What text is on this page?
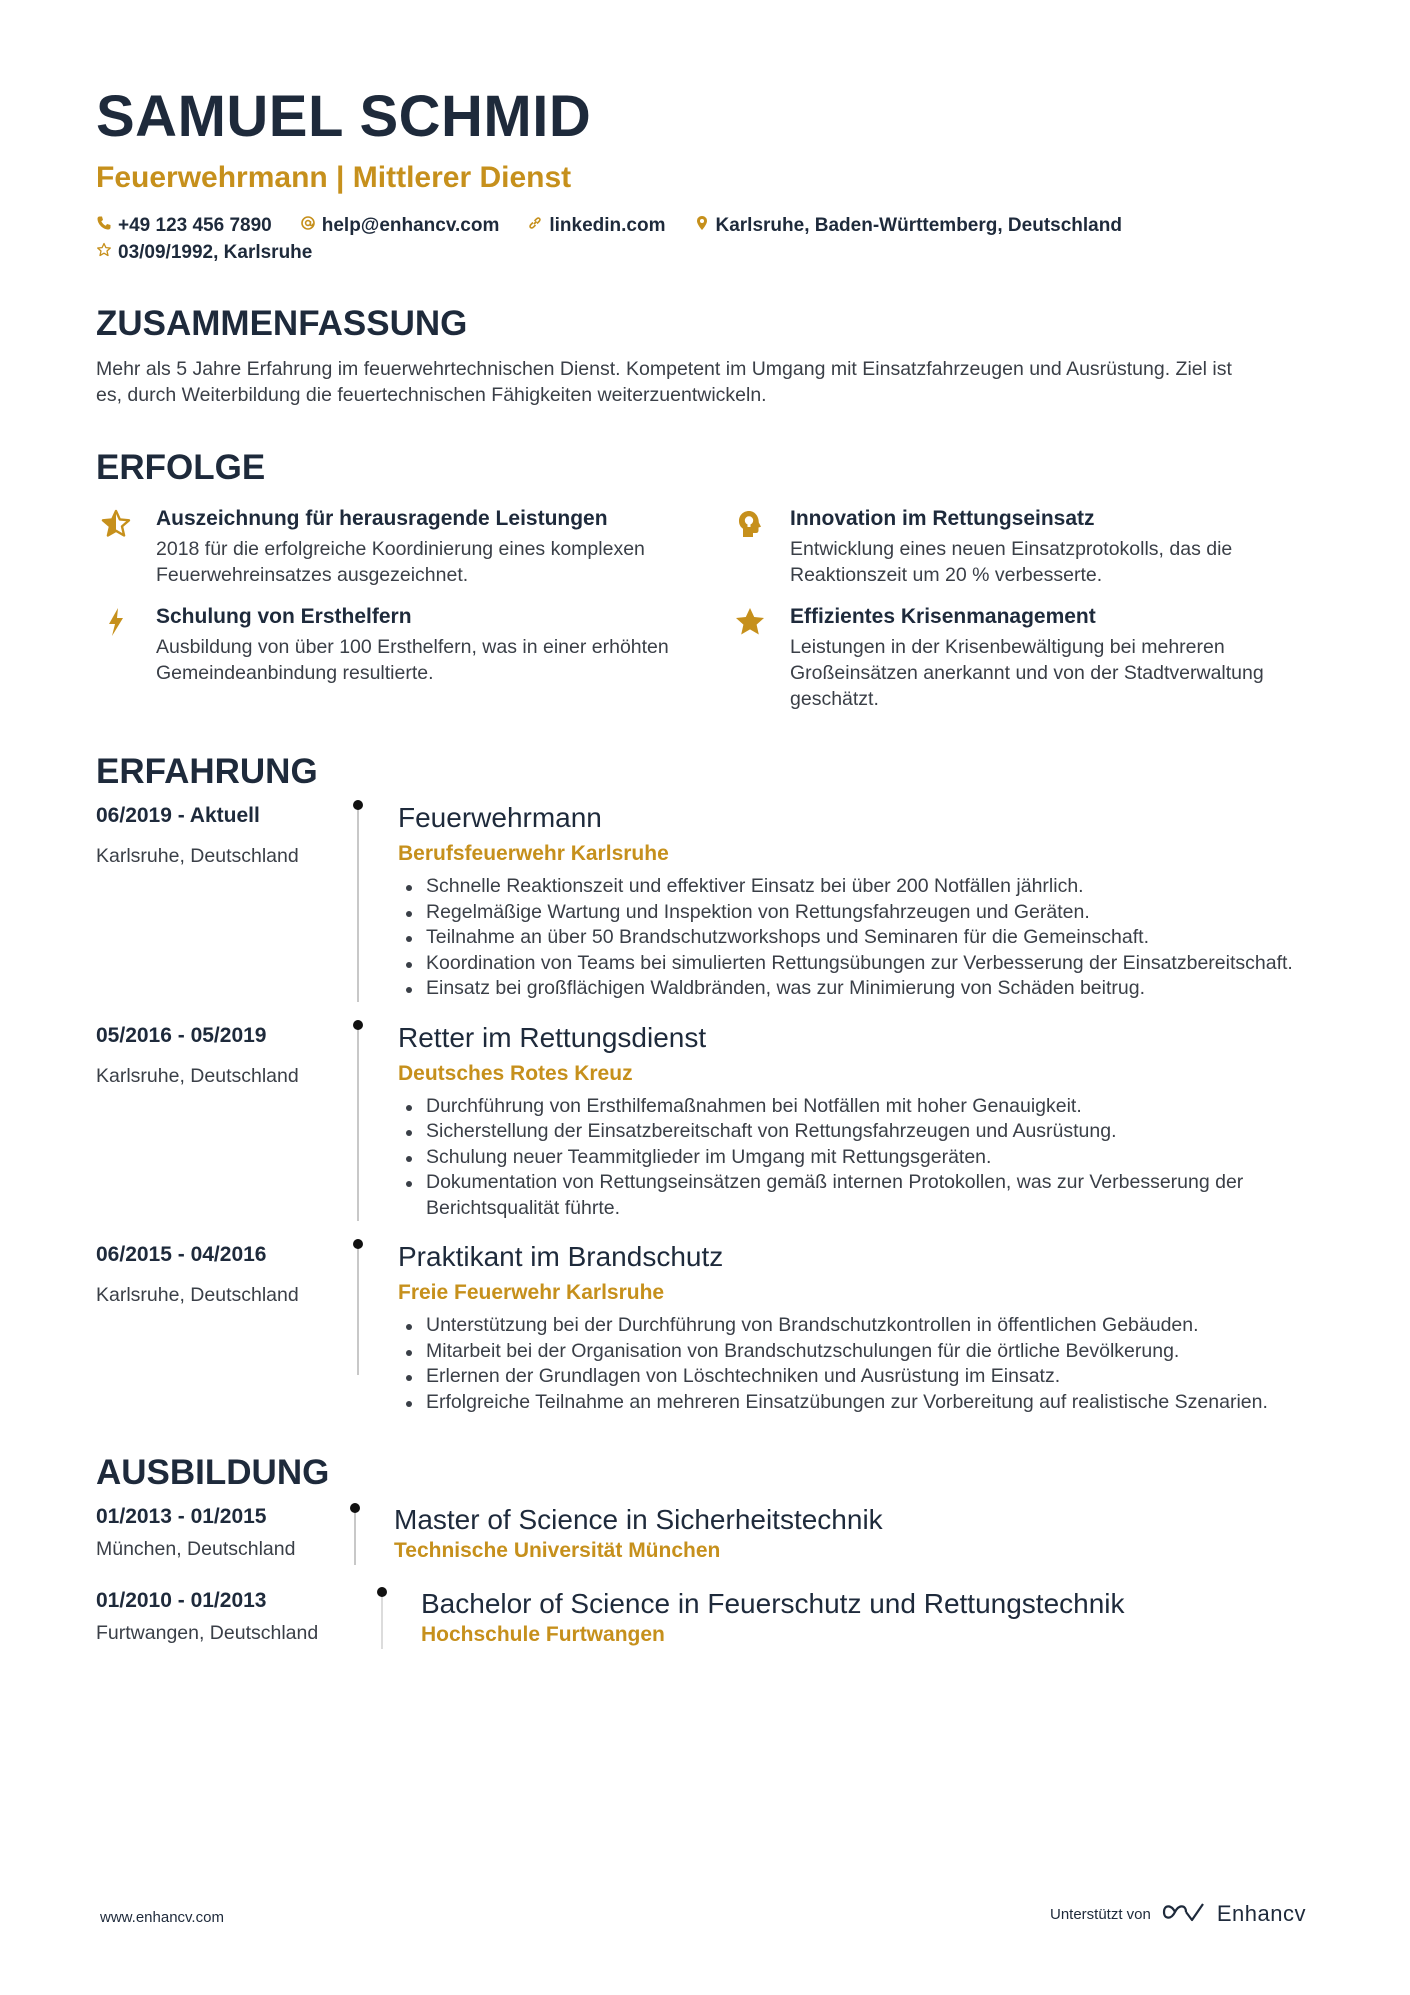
SAMUEL SCHMID
Feuerwehrmann | Mittlerer Dienst
+49 123 456 7890	help@enhancv.com	linkedin.com	Karlsruhe, Baden-Württemberg, Deutschland
03/09/1992, Karlsruhe
ZUSAMMENFASSUNG
Mehr als 5 Jahre Erfahrung im feuerwehrtechnischen Dienst. Kompetent im Umgang mit Einsatzfahrzeugen und Ausrüstung. Ziel ist es, durch Weiterbildung die feuertechnischen Fähigkeiten weiterzuentwickeln.
ERFOLGE
Auszeichnung für herausragende Leistungen
2018 für die erfolgreiche Koordinierung eines komplexen Feuerwehreinsatzes ausgezeichnet.
Innovation im Rettungseinsatz
Entwicklung eines neuen Einsatzprotokolls, das die Reaktionszeit um 20 % verbesserte.
Schulung von Ersthelfern
Ausbildung von über 100 Ersthelfern, was in einer erhöhten Gemeindeanbindung resultierte.
Effizientes Krisenmanagement
Leistungen in der Krisenbewältigung bei mehreren Großeinsätzen anerkannt und von der Stadtverwaltung geschätzt.
ERFAHRUNG
06/2019 - Aktuell
Karlsruhe, Deutschland
Feuerwehrmann
Berufsfeuerwehr Karlsruhe
Schnelle Reaktionszeit und effektiver Einsatz bei über 200 Notfällen jährlich.
Regelmäßige Wartung und Inspektion von Rettungsfahrzeugen und Geräten.
Teilnahme an über 50 Brandschutzworkshops und Seminaren für die Gemeinschaft.
Koordination von Teams bei simulierten Rettungsübungen zur Verbesserung der Einsatzbereitschaft.
Einsatz bei großflächigen Waldbränden, was zur Minimierung von Schäden beitrug.
05/2016 - 05/2019
Karlsruhe, Deutschland
Retter im Rettungsdienst
Deutsches Rotes Kreuz
Durchführung von Ersthilfemaßnahmen bei Notfällen mit hoher Genauigkeit.
Sicherstellung der Einsatzbereitschaft von Rettungsfahrzeugen und Ausrüstung.
Schulung neuer Teammitglieder im Umgang mit Rettungsgeräten.
Dokumentation von Rettungseinsätzen gemäß internen Protokollen, was zur Verbesserung der Berichtsqualität führte.
06/2015 - 04/2016
Karlsruhe, Deutschland
Praktikant im Brandschutz
Freie Feuerwehr Karlsruhe
Unterstützung bei der Durchführung von Brandschutzkontrollen in öffentlichen Gebäuden.
Mitarbeit bei der Organisation von Brandschutzschulungen für die örtliche Bevölkerung.
Erlernen der Grundlagen von Löschtechniken und Ausrüstung im Einsatz.
Erfolgreiche Teilnahme an mehreren Einsatzübungen zur Vorbereitung auf realistische Szenarien.
AUSBILDUNG
01/2013 - 01/2015
München, Deutschland
Master of Science in Sicherheitstechnik
Technische Universität München
01/2010 - 01/2013
Furtwangen, Deutschland
Bachelor of Science in Feuerschutz und Rettungstechnik
Hochschule Furtwangen
www.enhancv.com	Unterstützt von	Enhancv
